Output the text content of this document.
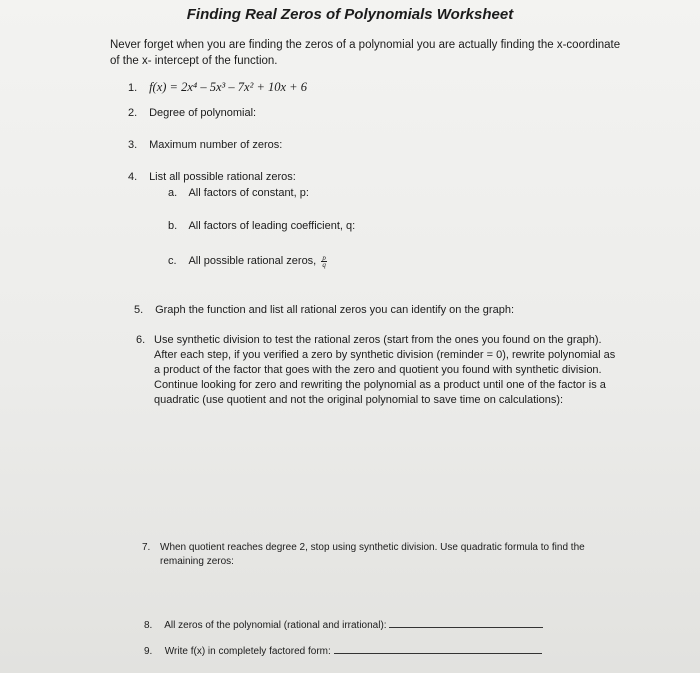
Finding Real Zeros of Polynomials Worksheet
Never forget when you are finding the zeros of a polynomial you are actually finding the x-coordinate of the x- intercept of the function.
1. f(x) = 2x⁴ – 5x³ – 7x² + 10x + 6
2. Degree of polynomial:
3. Maximum number of zeros:
4. List all possible rational zeros:
a. All factors of constant, p:
b. All factors of leading coefficient, q:
c. All possible rational zeros, $\frac{p}{q}$
5. Graph the function and list all rational zeros you can identify on the graph:
6. Use synthetic division to test the rational zeros (start from the ones you found on the graph). After each step, if you verified a zero by synthetic division (reminder = 0), rewrite polynomial as a product of the factor that goes with the zero and quotient you found with synthetic division. Continue looking for zero and rewriting the polynomial as a product until one of the factor is a quadratic (use quotient and not the original polynomial to save time on calculations):
7. When quotient reaches degree 2, stop using synthetic division. Use quadratic formula to find the remaining zeros:
8. All zeros of the polynomial (rational and irrational):
9. Write f(x) in completely factored form:
